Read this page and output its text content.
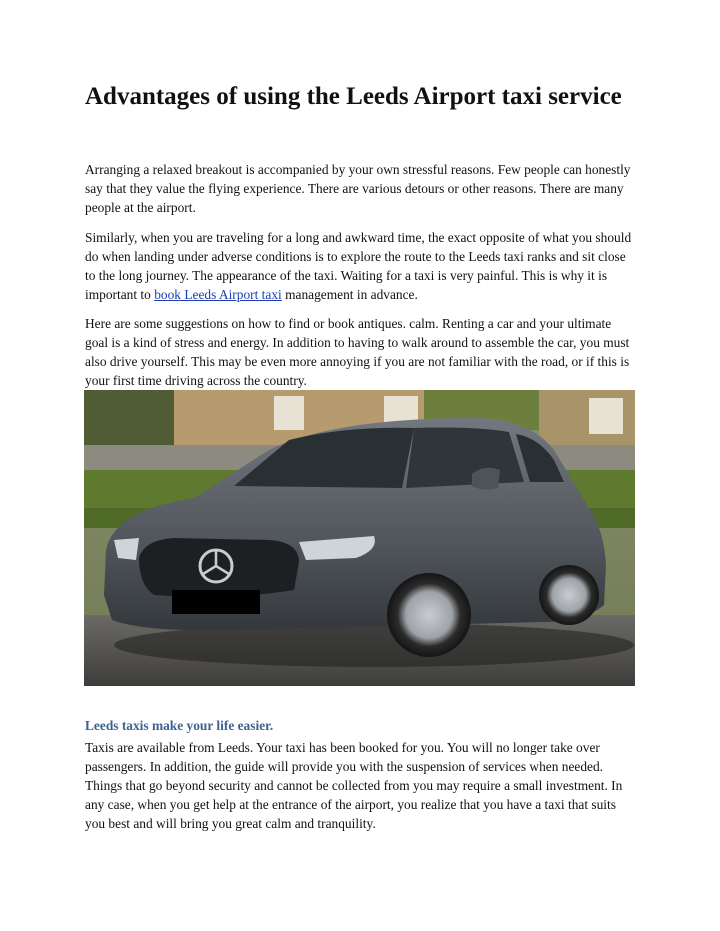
Advantages of using the Leeds Airport taxi service

Arranging a relaxed breakout is accompanied by your own stressful reasons. Few people can honestly say that they value the flying experience. There are various detours or other reasons. There are many people at the airport.

Similarly, when you are traveling for a long and awkward time, the exact opposite of what you should do when landing under adverse conditions is to explore the route to the Leeds taxi ranks and sit close to the long journey. The appearance of the taxi. Waiting for a taxi is very painful. This is why it is important to book Leeds Airport taxi management in advance.

Here are some suggestions on how to find or book antiques. calm. Renting a car and your ultimate goal is a kind of stress and energy. In addition to having to walk around to assemble the car, you must also drive yourself. This may be even more annoying if you are not familiar with the road, or if this is your first time driving across the country.

Leeds taxis make your life easier.

Taxis are available from Leeds. Your taxi has been booked for you. You will no longer take over passengers. In addition, the guide will provide you with the suspension of services when needed. Things that go beyond security and cannot be collected from you may require a small investment. In any case, when you get help at the entrance of the airport, you realize that you have a taxi that suits you best and will bring you great calm and tranquility.
